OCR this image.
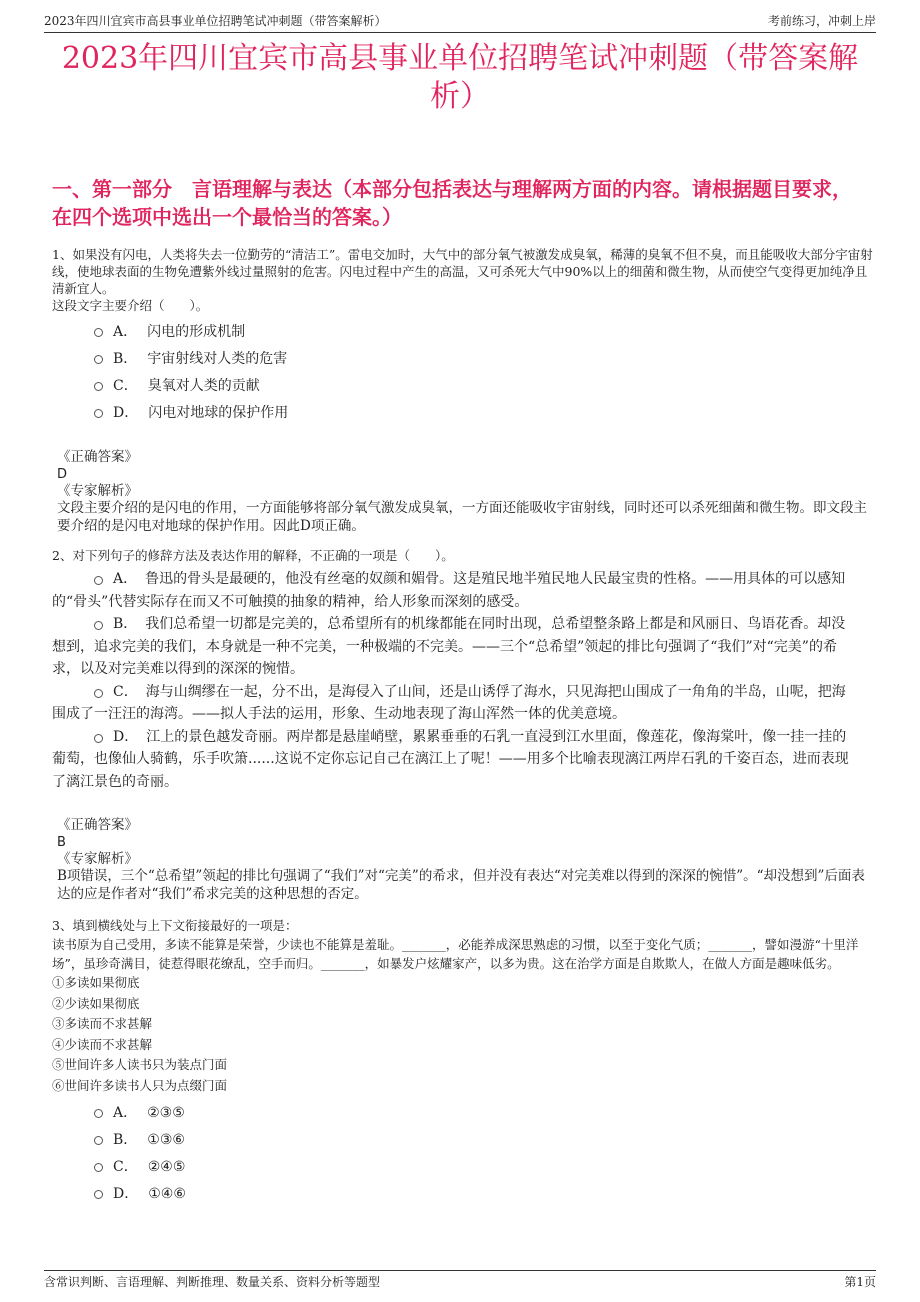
2023年四川宜宾市高县事业单位招聘笔试冲刺题（带答案解析）	考前练习，冲刺上岸
2023年四川宜宾市高县事业单位招聘笔试冲刺题（带答案解析）
一、第一部分　言语理解与表达（本部分包括表达与理解两方面的内容。请根据题目要求，在四个选项中选出一个最恰当的答案。）

1、如果没有闪电，人类将失去一位勤劳的“清洁工”。雷电交加时，大气中的部分氧气被激发成臭氧，稀薄的臭氧不但不臭，而且能吸收大部分宇宙射线，使地球表面的生物免遭紫外线过量照射的危害。闪电过程中产生的高温，又可杀死大气中90%以上的细菌和微生物，从而使空气变得更加纯净且清新宜人。

这段文字主要介绍（　　）。

A． 闪电的形成机制
B． 宇宙射线对人类的危害
C． 臭氧对人类的贡献
D． 闪电对地球的保护作用

《正确答案》

D

《专家解析》

文段主要介绍的是闪电的作用，一方面能够将部分氧气激发成臭氧，一方面还能吸收宇宙射线，同时还可以杀死细菌和微生物。即文段主要介绍的是闪电对地球的保护作用。因此D项正确。

2、对下列句子的修辞方法及表达作用的解释，不正确的一项是（　　）。

A． 鲁迅的骨头是最硬的，他没有丝毫的奴颜和媚骨。这是殖民地半殖民地人民最宝贵的性格。——用具体的可以感知的“骨头”代替实际存在而又不可触摸的抽象的精神，给人形象而深刻的感受。
B． 我们总希望一切都是完美的，总希望所有的机缘都能在同时出现，总希望整条路上都是和风丽日、鸟语花香。却没想到，追求完美的我们，本身就是一种不完美，一种极端的不完美。——三个“总希望”领起的排比句强调了“我们”对“完美”的希求，以及对完美难以得到的深深的惋惜。
C． 海与山绸缪在一起，分不出，是海侵入了山间，还是山诱俘了海水，只见海把山围成了一角角的半岛，山呢，把海围成了一汪汪的海湾。——拟人手法的运用，形象、生动地表现了海山浑然一体的优美意境。
D． 江上的景色越发奇丽。两岸都是悬崖峭壁，累累垂垂的石乳一直浸到江水里面，像莲花，像海棠叶，像一挂一挂的葡萄，也像仙人骑鹤，乐手吹箫......这说不定你忘记自己在漓江上了呢！——用多个比喻表现漓江两岸石乳的千姿百态，进而表现了漓江景色的奇丽。

《正确答案》

B

《专家解析》

B项错误，三个“总希望”领起的排比句强调了“我们”对“完美”的希求，但并没有表达“对完美难以得到的深深的惋惜”。“却没想到”后面表达的应是作者对“我们”希求完美的这种思想的否定。

3、填到横线处与上下文衔接最好的一项是：

读书原为自己受用，多读不能算是荣誉，少读也不能算是羞耻。_______，必能养成深思熟虑的习惯，以至于变化气质；_______，譬如漫游“十里洋场”，虽珍奇满目，徒惹得眼花缭乱，空手而归。_______，如暴发户炫耀家产，以多为贵。这在治学方面是自欺欺人，在做人方面是趣味低劣。

①多读如果彻底

②少读如果彻底

③多读而不求甚解

④少读而不求甚解

⑤世间许多人读书只为装点门面

⑥世间许多读书人只为点缀门面

A． ②③⑤
B． ①③⑥
C． ②④⑤
D． ①④⑥
含常识判断、言语理解、判断推理、数量关系、资料分析等题型	第1页
